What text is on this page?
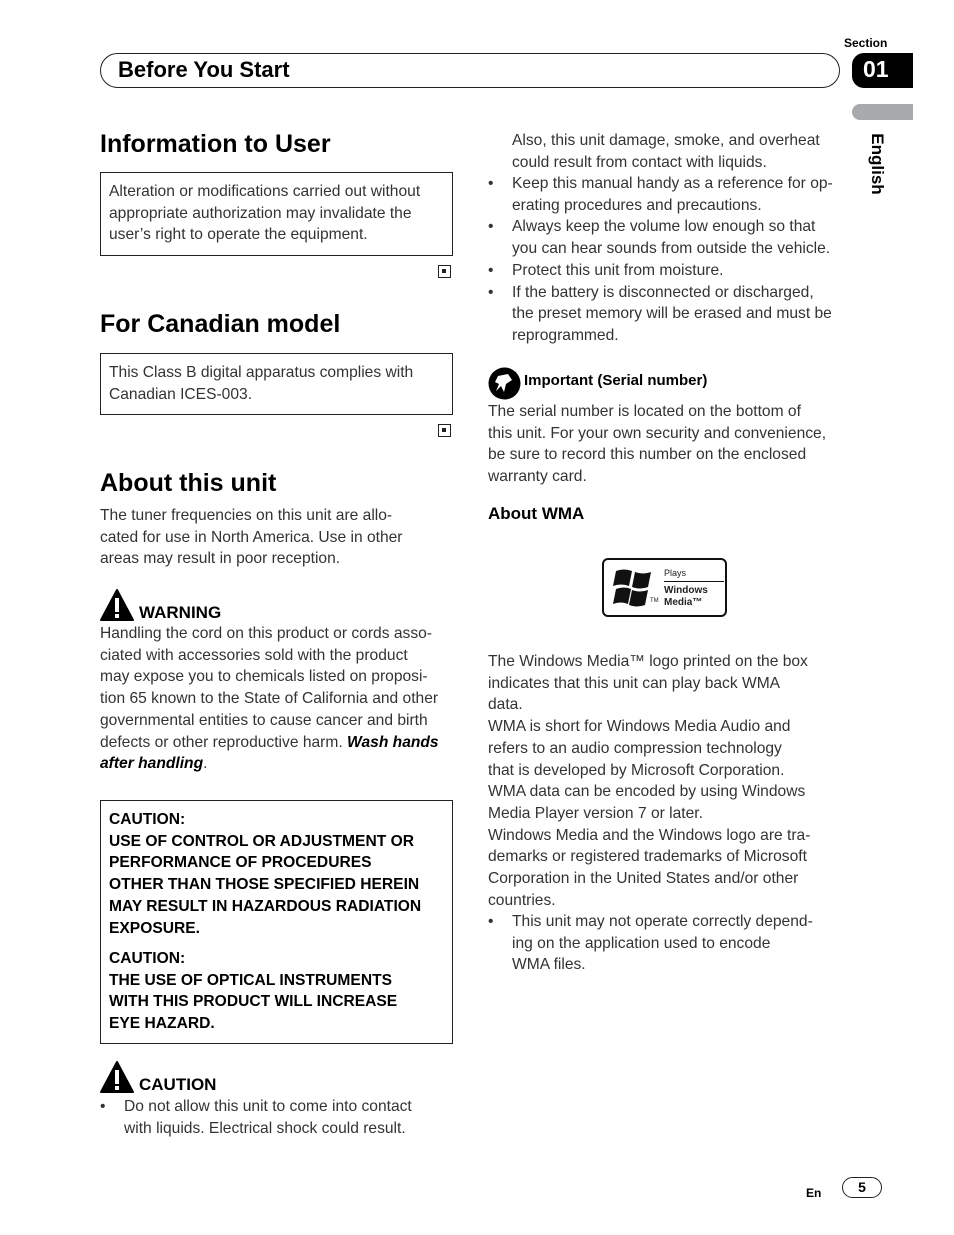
Section
Before You Start	01
English
Information to User
Alteration or modifications carried out without
appropriate authorization may invalidate the
user’s right to operate the equipment.
For Canadian model
This Class B digital apparatus complies with
Canadian ICES-003.
About this unit
The tuner frequencies on this unit are allo-
cated for use in North America. Use in other
areas may result in poor reception.
WARNING
Handling the cord on this product or cords asso-
ciated with accessories sold with the product
may expose you to chemicals listed on proposi-
tion 65 known to the State of California and other
governmental entities to cause cancer and birth
defects or other reproductive harm. Wash hands
after handling.
CAUTION:
USE OF CONTROL OR ADJUSTMENT OR
PERFORMANCE OF PROCEDURES
OTHER THAN THOSE SPECIFIED HEREIN
MAY RESULT IN HAZARDOUS RADIATION
EXPOSURE.
CAUTION:
THE USE OF OPTICAL INSTRUMENTS
WITH THIS PRODUCT WILL INCREASE
EYE HAZARD.
CAUTION
• Do not allow this unit to come into contact
with liquids. Electrical shock could result.
Also, this unit damage, smoke, and overheat
could result from contact with liquids.
• Keep this manual handy as a reference for op-
erating procedures and precautions.
• Always keep the volume low enough so that
you can hear sounds from outside the vehicle.
• Protect this unit from moisture.
• If the battery is disconnected or discharged,
the preset memory will be erased and must be
reprogrammed.
Important (Serial number)
The serial number is located on the bottom of
this unit. For your own security and convenience,
be sure to record this number on the enclosed
warranty card.
About WMA
TM
Plays
Windows
Media™
The Windows Media™ logo printed on the box
indicates that this unit can play back WMA
data.
WMA is short for Windows Media Audio and
refers to an audio compression technology
that is developed by Microsoft Corporation.
WMA data can be encoded by using Windows
Media Player version 7 or later.
Windows Media and the Windows logo are tra-
demarks or registered trademarks of Microsoft
Corporation in the United States and/or other
countries.
• This unit may not operate correctly depend-
ing on the application used to encode
WMA files.
En	5
